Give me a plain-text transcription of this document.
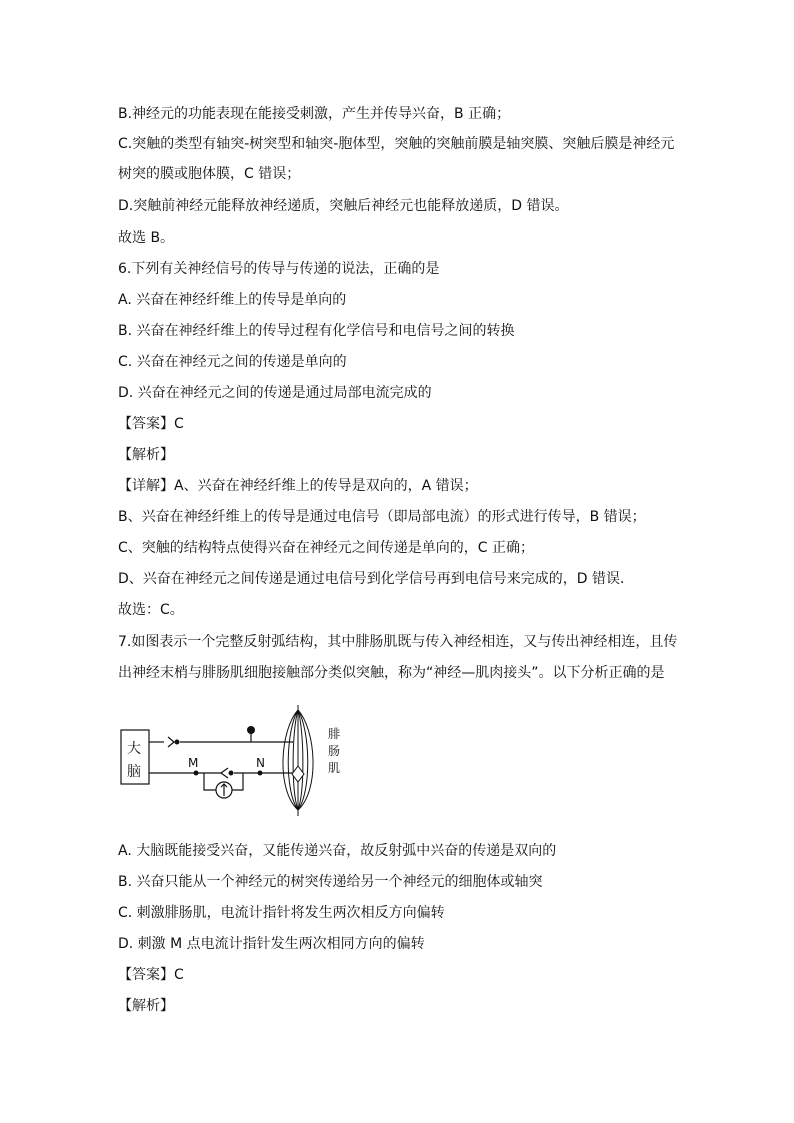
B.神经元的功能表现在能接受刺激，产生并传导兴奋，B 正确；
C.突触的类型有轴突-树突型和轴突-胞体型，突触的突触前膜是轴突膜、突触后膜是神经元
树突的膜或胞体膜，C 错误；
D.突触前神经元能释放神经递质，突触后神经元也能释放递质，D 错误。
故选 B。
6.下列有关神经信号的传导与传递的说法，正确的是
A. 兴奋在神经纤维上的传导是单向的
B. 兴奋在神经纤维上的传导过程有化学信号和电信号之间的转换
C. 兴奋在神经元之间的传递是单向的
D. 兴奋在神经元之间的传递是通过局部电流完成的
【答案】C
【解析】
【详解】A、兴奋在神经纤维上的传导是双向的，A 错误；
B、兴奋在神经纤维上的传导是通过电信号（即局部电流）的形式进行传导，B 错误；
C、突触的结构特点使得兴奋在神经元之间传递是单向的，C 正确；
D、兴奋在神经元之间传递是通过电信号到化学信号再到电信号来完成的，D 错误．
故选：C。
7.如图表示一个完整反射弧结构，其中腓肠肌既与传入神经相连，又与传出神经相连，且传
出神经末梢与腓肠肌细胞接触部分类似突触，称为“神经—肌肉接头”。以下分析正确的是
大
脑
M	N
腓
肠
肌
A. 大脑既能接受兴奋，又能传递兴奋，故反射弧中兴奋的传递是双向的
B. 兴奋只能从一个神经元的树突传递给另一个神经元的细胞体或轴突
C. 刺激腓肠肌，电流计指针将发生两次相反方向偏转
D. 刺激 M 点电流计指针发生两次相同方向的偏转
【答案】C
【解析】
